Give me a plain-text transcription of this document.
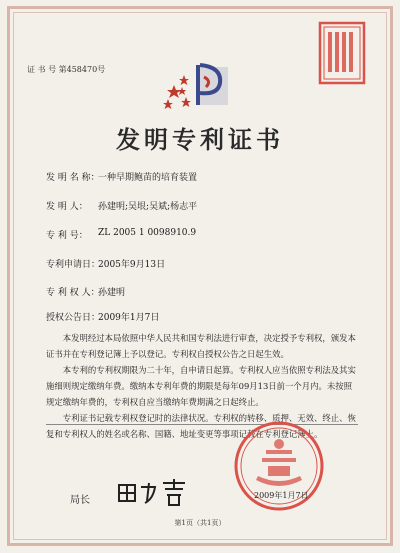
证 书 号 第458470号
发明专利证书
发 明 名 称：
一种早期鲍苗的培育装置
发 明 人： 孙建明;吴垠;吴斌;杨志平
专 利 号： ZL 2005 1 0098910.9
专利申请日：
2005年9月13日
专 利 权 人：
孙建明
授权公告日：
2009年1月7日

本发明经过本局依照中华人民共和国专利法进行审查，决定授予专利权，颁发本证书并在专利登记簿上予以登记。专利权自授权公告之日起生效。

本专利的专利权期限为二十年，自申请日起算。专利权人应当依照专利法及其实施细则规定缴纳年费。缴纳本专利年费的期限是每年09月13日前一个月内。未按照规定缴纳年费的，专利权自应当缴纳年费期满之日起终止。

专利证书记载专利权登记时的法律状况。专利权的转移、质押、无效、终止、恢复和专利权人的姓名或名称、国籍、地址变更等事项记载在专利登记簿上。

局长	2009年1月7日
第1页（共1页）
